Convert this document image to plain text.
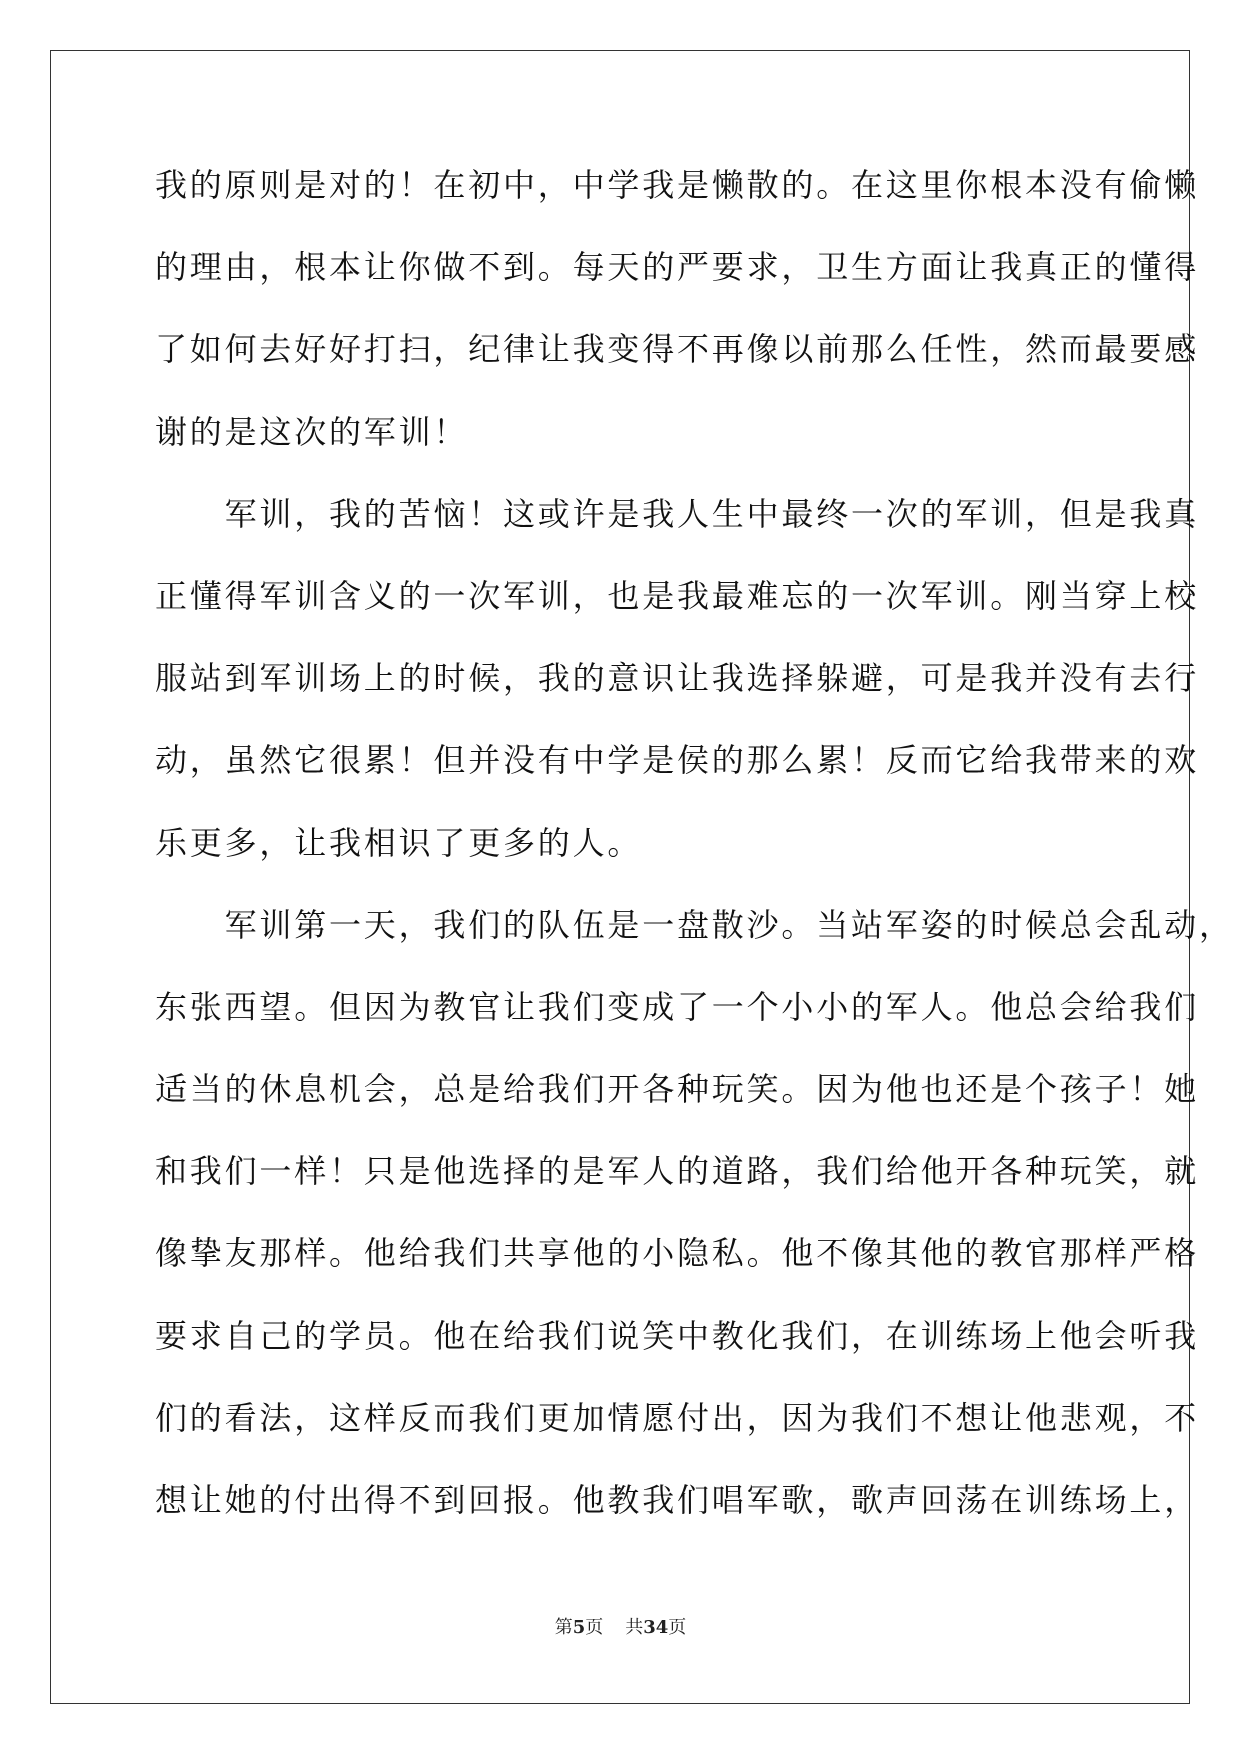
我的原则是对的！在初中，中学我是懒散的。在这里你根本没有偷懒
的理由，根本让你做不到。每天的严要求，卫生方面让我真正的懂得
了如何去好好打扫，纪律让我变得不再像以前那么任性，然而最要感
谢的是这次的军训！
　　军训，我的苦恼！这或许是我人生中最终一次的军训，但是我真
正懂得军训含义的一次军训，也是我最难忘的一次军训。刚当穿上校
服站到军训场上的时候，我的意识让我选择躲避，可是我并没有去行
动，虽然它很累！但并没有中学是侯的那么累！反而它给我带来的欢
乐更多，让我相识了更多的人。
　　军训第一天，我们的队伍是一盘散沙。当站军姿的时候总会乱动，
东张西望。但因为教官让我们变成了一个小小的军人。他总会给我们
适当的休息机会，总是给我们开各种玩笑。因为他也还是个孩子！她
和我们一样！只是他选择的是军人的道路，我们给他开各种玩笑，就
像挚友那样。他给我们共享他的小隐私。他不像其他的教官那样严格
要求自己的学员。他在给我们说笑中教化我们，在训练场上他会听我
们的看法，这样反而我们更加情愿付出，因为我们不想让他悲观，不
想让她的付出得不到回报。他教我们唱军歌，歌声回荡在训练场上，
第5页 共34页
